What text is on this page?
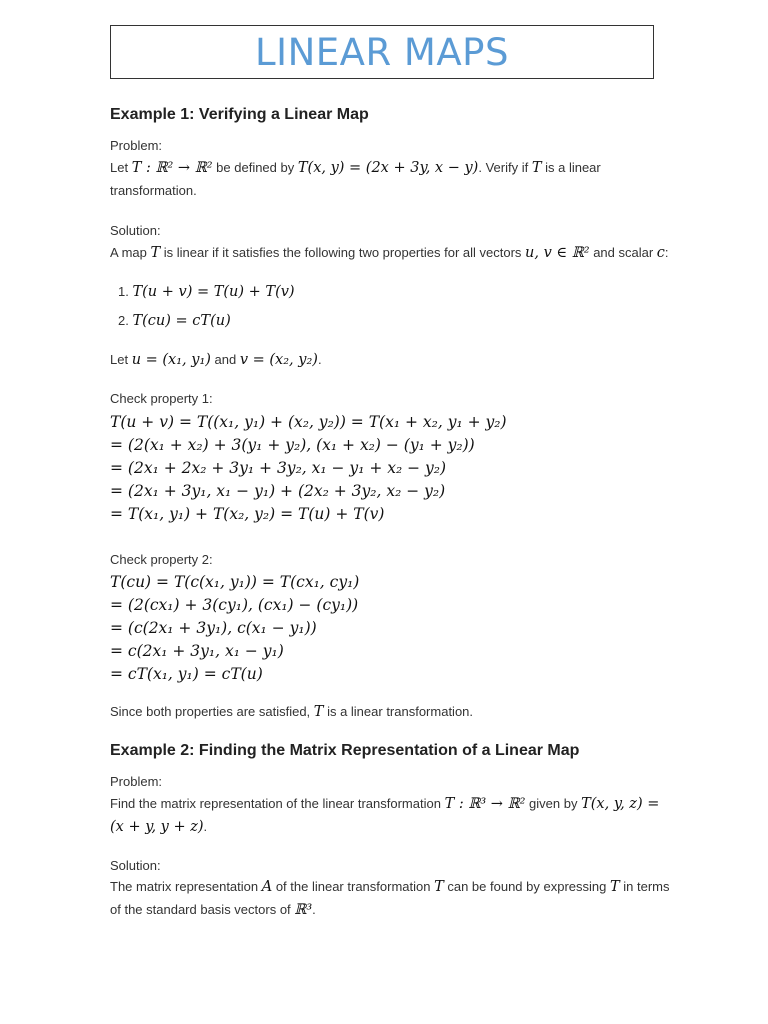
LINEAR MAPS
Example 1: Verifying a Linear Map
Problem:
Let T : ℝ² → ℝ² be defined by T(x, y) = (2x + 3y, x − y). Verify if T is a linear
transformation.
Solution:
A map T is linear if it satisfies the following two properties for all vectors u, v ∈ ℝ² and scalar c:
1. T(u + v) = T(u) + T(v)
2. T(cu) = cT(u)
Let u = (x₁, y₁) and v = (x₂, y₂).
Check property 1:
T(u + v) = T((x₁, y₁) + (x₂, y₂)) = T(x₁ + x₂, y₁ + y₂)
= (2(x₁ + x₂) + 3(y₁ + y₂), (x₁ + x₂) − (y₁ + y₂))
= (2x₁ + 2x₂ + 3y₁ + 3y₂, x₁ − y₁ + x₂ − y₂)
= (2x₁ + 3y₁, x₁ − y₁) + (2x₂ + 3y₂, x₂ − y₂)
= T(x₁, y₁) + T(x₂, y₂) = T(u) + T(v)
Check property 2:
T(cu) = T(c(x₁, y₁)) = T(cx₁, cy₁)
= (2(cx₁) + 3(cy₁), (cx₁) − (cy₁))
= (c(2x₁ + 3y₁), c(x₁ − y₁))
= c(2x₁ + 3y₁, x₁ − y₁)
= cT(x₁, y₁) = cT(u)
Since both properties are satisfied, T is a linear transformation.
Example 2: Finding the Matrix Representation of a Linear Map
Problem:
Find the matrix representation of the linear transformation T : ℝ³ → ℝ² given by T(x, y, z) =
(x + y, y + z).
Solution:
The matrix representation A of the linear transformation T can be found by expressing T in terms
of the standard basis vectors of ℝ³.
